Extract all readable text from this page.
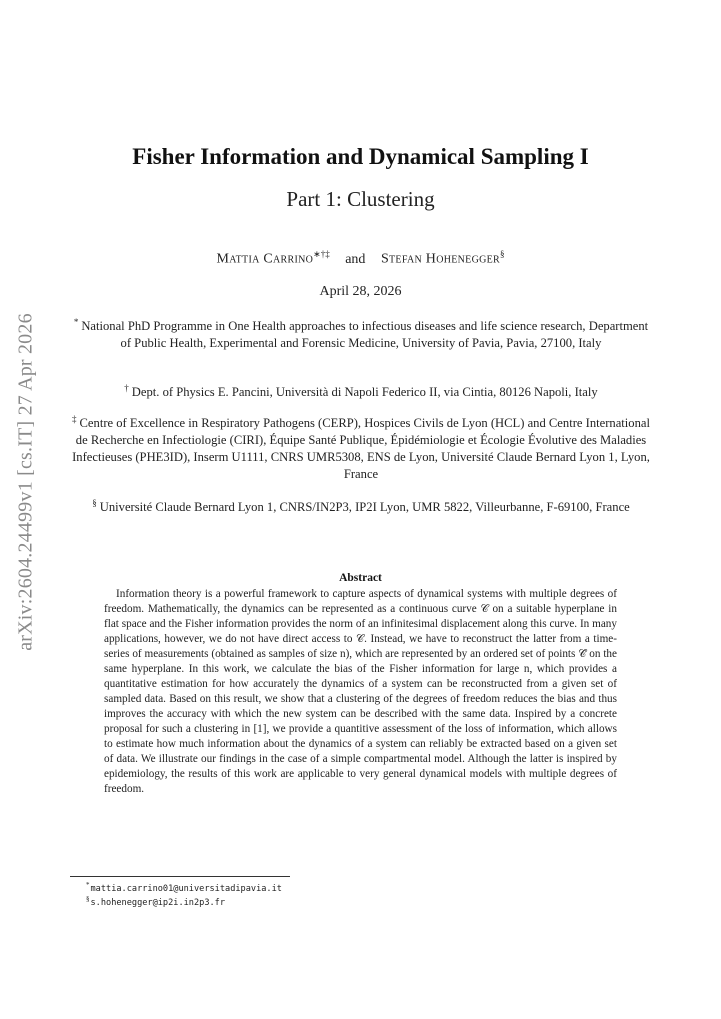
arXiv:2604.24499v1 [cs.IT] 27 Apr 2026
Fisher Information and Dynamical Sampling I
Part 1: Clustering
Mattia Carrino∗†‡ and Stefan Hohenegger§
April 28, 2026
* National PhD Programme in One Health approaches to infectious diseases and life science research, Department of Public Health, Experimental and Forensic Medicine, University of Pavia, Pavia, 27100, Italy
† Dept. of Physics E. Pancini, Università di Napoli Federico II, via Cintia, 80126 Napoli, Italy
‡ Centre of Excellence in Respiratory Pathogens (CERP), Hospices Civils de Lyon (HCL) and Centre International de Recherche en Infectiologie (CIRI), Équipe Santé Publique, Épidémiologie et Écologie Évolutive des Maladies Infectieuses (PHE3ID), Inserm U1111, CNRS UMR5308, ENS de Lyon, Université Claude Bernard Lyon 1, Lyon, France
§ Université Claude Bernard Lyon 1, CNRS/IN2P3, IP2I Lyon, UMR 5822, Villeurbanne, F-69100, France
Abstract
Information theory is a powerful framework to capture aspects of dynamical systems with multiple degrees of freedom. Mathematically, the dynamics can be represented as a continuous curve 𝒞 on a suitable hyperplane in flat space and the Fisher information provides the norm of an infinitesimal displacement along this curve. In many applications, however, we do not have direct access to 𝒞. Instead, we have to reconstruct the latter from a time-series of measurements (obtained as samples of size n), which are represented by an ordered set of points 𝒞̂ on the same hyperplane. In this work, we calculate the bias of the Fisher information for large n, which provides a quantitative estimation for how accurately the dynamics of a system can be reconstructed from a given set of sampled data. Based on this result, we show that a clustering of the degrees of freedom reduces the bias and thus improves the accuracy with which the new system can be described with the same data. Inspired by a concrete proposal for such a clustering in [1], we provide a quantitive assessment of the loss of information, which allows to estimate how much information about the dynamics of a system can reliably be extracted based on a given set of data. We illustrate our findings in the case of a simple compartmental model. Although the latter is inspired by epidemiology, the results of this work are applicable to very general dynamical models with multiple degrees of freedom.
*mattia.carrino01@universitadipavia.it
§s.hohenegger@ip2i.in2p3.fr
